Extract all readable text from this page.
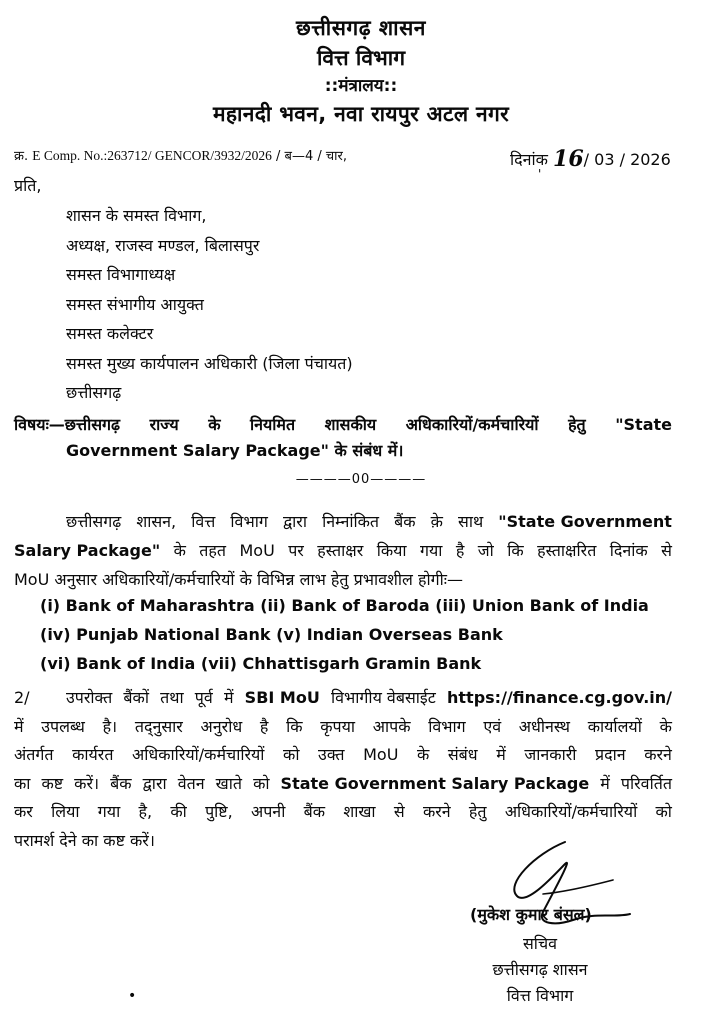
छत्तीसगढ़ शासन
वित्त विभाग
::मंत्रालय::
महानदी भवन, नवा रायपुर अटल नगर
क्र. E Comp. No.:263712/ GENCOR/3932/2026 / ब—4 / चार,	दिनांक 16/ 03 / 2026
'
प्रति,
शासन के समस्त विभाग,
अध्यक्ष, राजस्व मण्डल, बिलासपुर
समस्त विभागाध्यक्ष
समस्त संभागीय आयुक्त
समस्त कलेक्टर
समस्त मुख्य कार्यपालन अधिकारी (जिला पंचायत)
छत्तीसगढ़
विषयः—छत्तीसगढ़ राज्य के नियमित शासकीय अधिकारियों/कर्मचारियों हेतु "State
Government Salary Package" के संबंध में।
————00————
छत्तीसगढ़ शासन, वित्त विभाग द्वारा निम्नांकित बैंक क़े साथ "State Government
Salary Package" के तहत MoU पर हस्ताक्षर किया गया है जो कि हस्ताक्षरित दिनांक से
MoU अनुसार अधिकारियों/कर्मचारियों के विभिन्न लाभ हेतु प्रभावशील होगीः—
(i) Bank of Maharashtra (ii) Bank of Baroda (iii) Union Bank of India
(iv) Punjab National Bank (v) Indian Overseas Bank
(vi) Bank of India (vii) Chhattisgarh Gramin Bank
2/	उपरोक्त बैंकों तथा पूर्व में SBI MoU विभागीय वेबसाईट https://finance.cg.gov.in/
में उपलब्ध है। तद्नुसार अनुरोध है कि कृपया आपके विभाग एवं अधीनस्थ कार्यालयों के
अंतर्गत कार्यरत अधिकारियों/कर्मचारियों को उक्त MoU के संबंध में जानकारी प्रदान करने
का कष्ट करें। बैंक द्वारा वेतन खाते को State Government Salary Package में परिवर्तित
कर लिया गया है, की पुष्टि, अपनी बैंक शाखा से करने हेतु अधिकारियों/कर्मचारियों को
परामर्श देने का कष्ट करें।
(मुकेश कुमार बंसल)
सचिव
छत्तीसगढ़ शासन
वित्त विभाग
•
